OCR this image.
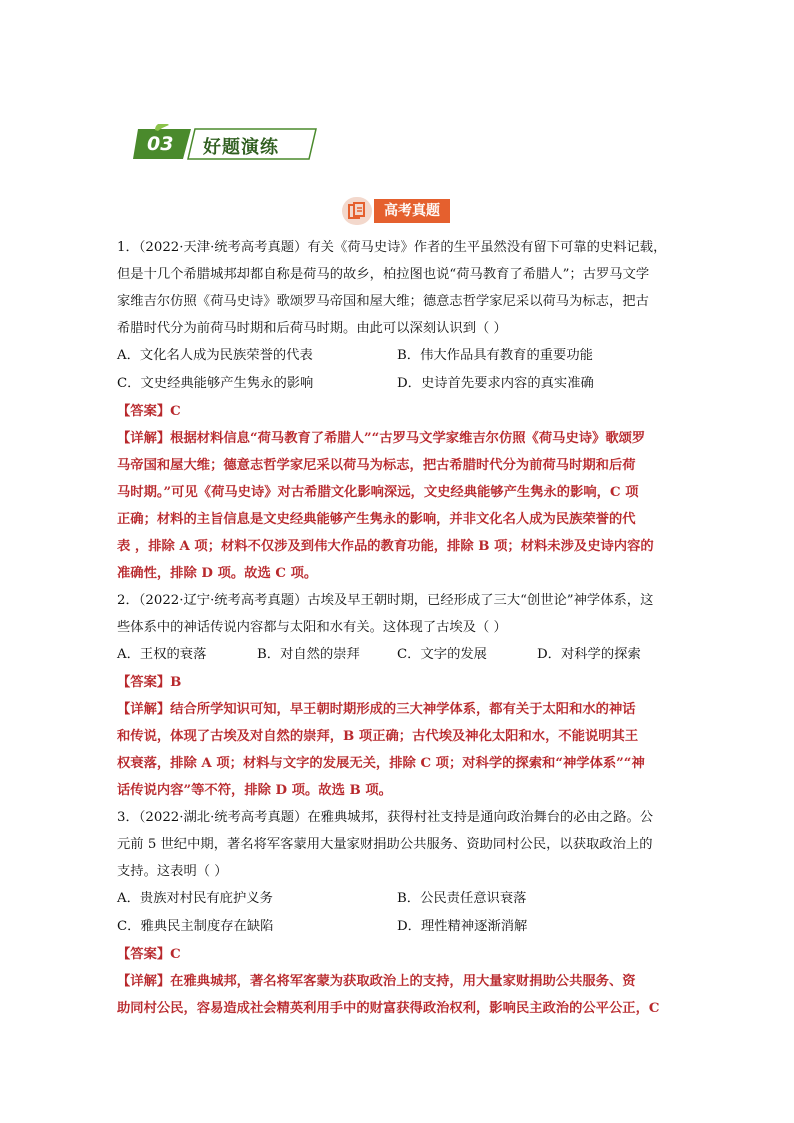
03 好题演练
高考真题
1．（2022·天津·统考高考真题）有关《荷马史诗》作者的生平虽然没有留下可靠的史料记载，
但是十几个希腊城邦却都自称是荷马的故乡，柏拉图也说“荷马教育了希腊人”；古罗马文学
家维吉尔仿照《荷马史诗》歌颂罗马帝国和屋大维；德意志哲学家尼采以荷马为标志，把古
希腊时代分为前荷马时期和后荷马时期。由此可以深刻认识到（ ）
A．文化名人成为民族荣誉的代表	B．伟大作品具有教育的重要功能
C．文史经典能够产生隽永的影响	D．史诗首先要求内容的真实准确
【答案】C
【详解】根据材料信息“荷马教育了希腊人”“古罗马文学家维吉尔仿照《荷马史诗》歌颂罗
马帝国和屋大维；德意志哲学家尼采以荷马为标志，把古希腊时代分为前荷马时期和后荷
马时期。”可见《荷马史诗》对古希腊文化影响深远，文史经典能够产生隽永的影响，C 项
正确；材料的主旨信息是文史经典能够产生隽永的影响，并非文化名人成为民族荣誉的代
表 ，排除 A 项；材料不仅涉及到伟大作品的教育功能，排除 B 项；材料未涉及史诗内容的
准确性，排除 D 项。故选 C 项。
2．（2022·辽宁·统考高考真题）古埃及早王朝时期，已经形成了三大“创世论”神学体系，这
些体系中的神话传说内容都与太阳和水有关。这体现了古埃及（ ）
A．王权的衰落	B．对自然的崇拜	C．文字的发展	D．对科学的探索
【答案】B
【详解】结合所学知识可知，早王朝时期形成的三大神学体系，都有关于太阳和水的神话
和传说，体现了古埃及对自然的崇拜，B 项正确；古代埃及神化太阳和水，不能说明其王
权衰落，排除 A 项；材料与文字的发展无关，排除 C 项；对科学的探索和“神学体系”“神
话传说内容”等不符，排除 D 项。故选 B 项。
3．（2022·湖北·统考高考真题）在雅典城邦，获得村社支持是通向政治舞台的必由之路。公
元前 5 世纪中期，著名将军客蒙用大量家财捐助公共服务、资助同村公民，以获取政治上的
支持。这表明（ ）
A．贵族对村民有庇护义务	B．公民责任意识衰落
C．雅典民主制度存在缺陷	D．理性精神逐渐消解
【答案】C
【详解】在雅典城邦，著名将军客蒙为获取政治上的支持，用大量家财捐助公共服务、资
助同村公民，容易造成社会精英利用手中的财富获得政治权利，影响民主政治的公平公正，C
